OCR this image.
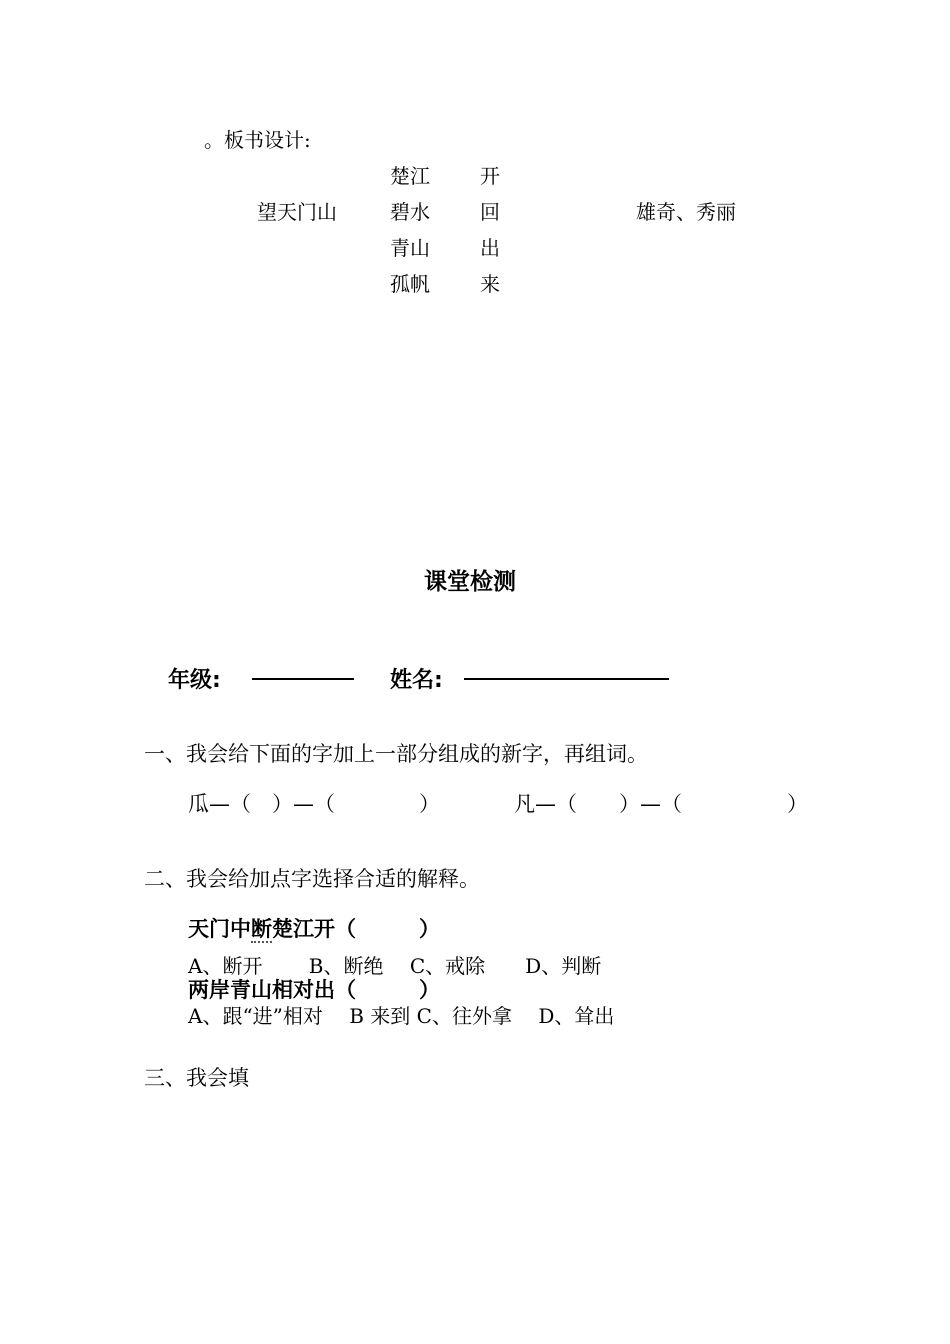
。板书设计:
楚江	开
望天门山	碧水	回	雄奇、秀丽
青山	出
孤帆	来
课堂检测
年级:	姓名:
一、我会给下面的字加上一部分组成的新字，再组词。
瓜—（　）—（　　　　）	凡—（　　）—（　　　　　）
二、我会给加点字选择合适的解释。
天门中断楚江开（　　　）
A、断开　　 B、断绝　 C、戒除　　D、判断
两岸青山相对出（　　　）
A、跟“进”相对　 B 来到 C、往外拿　 D、耸出
三、我会填
